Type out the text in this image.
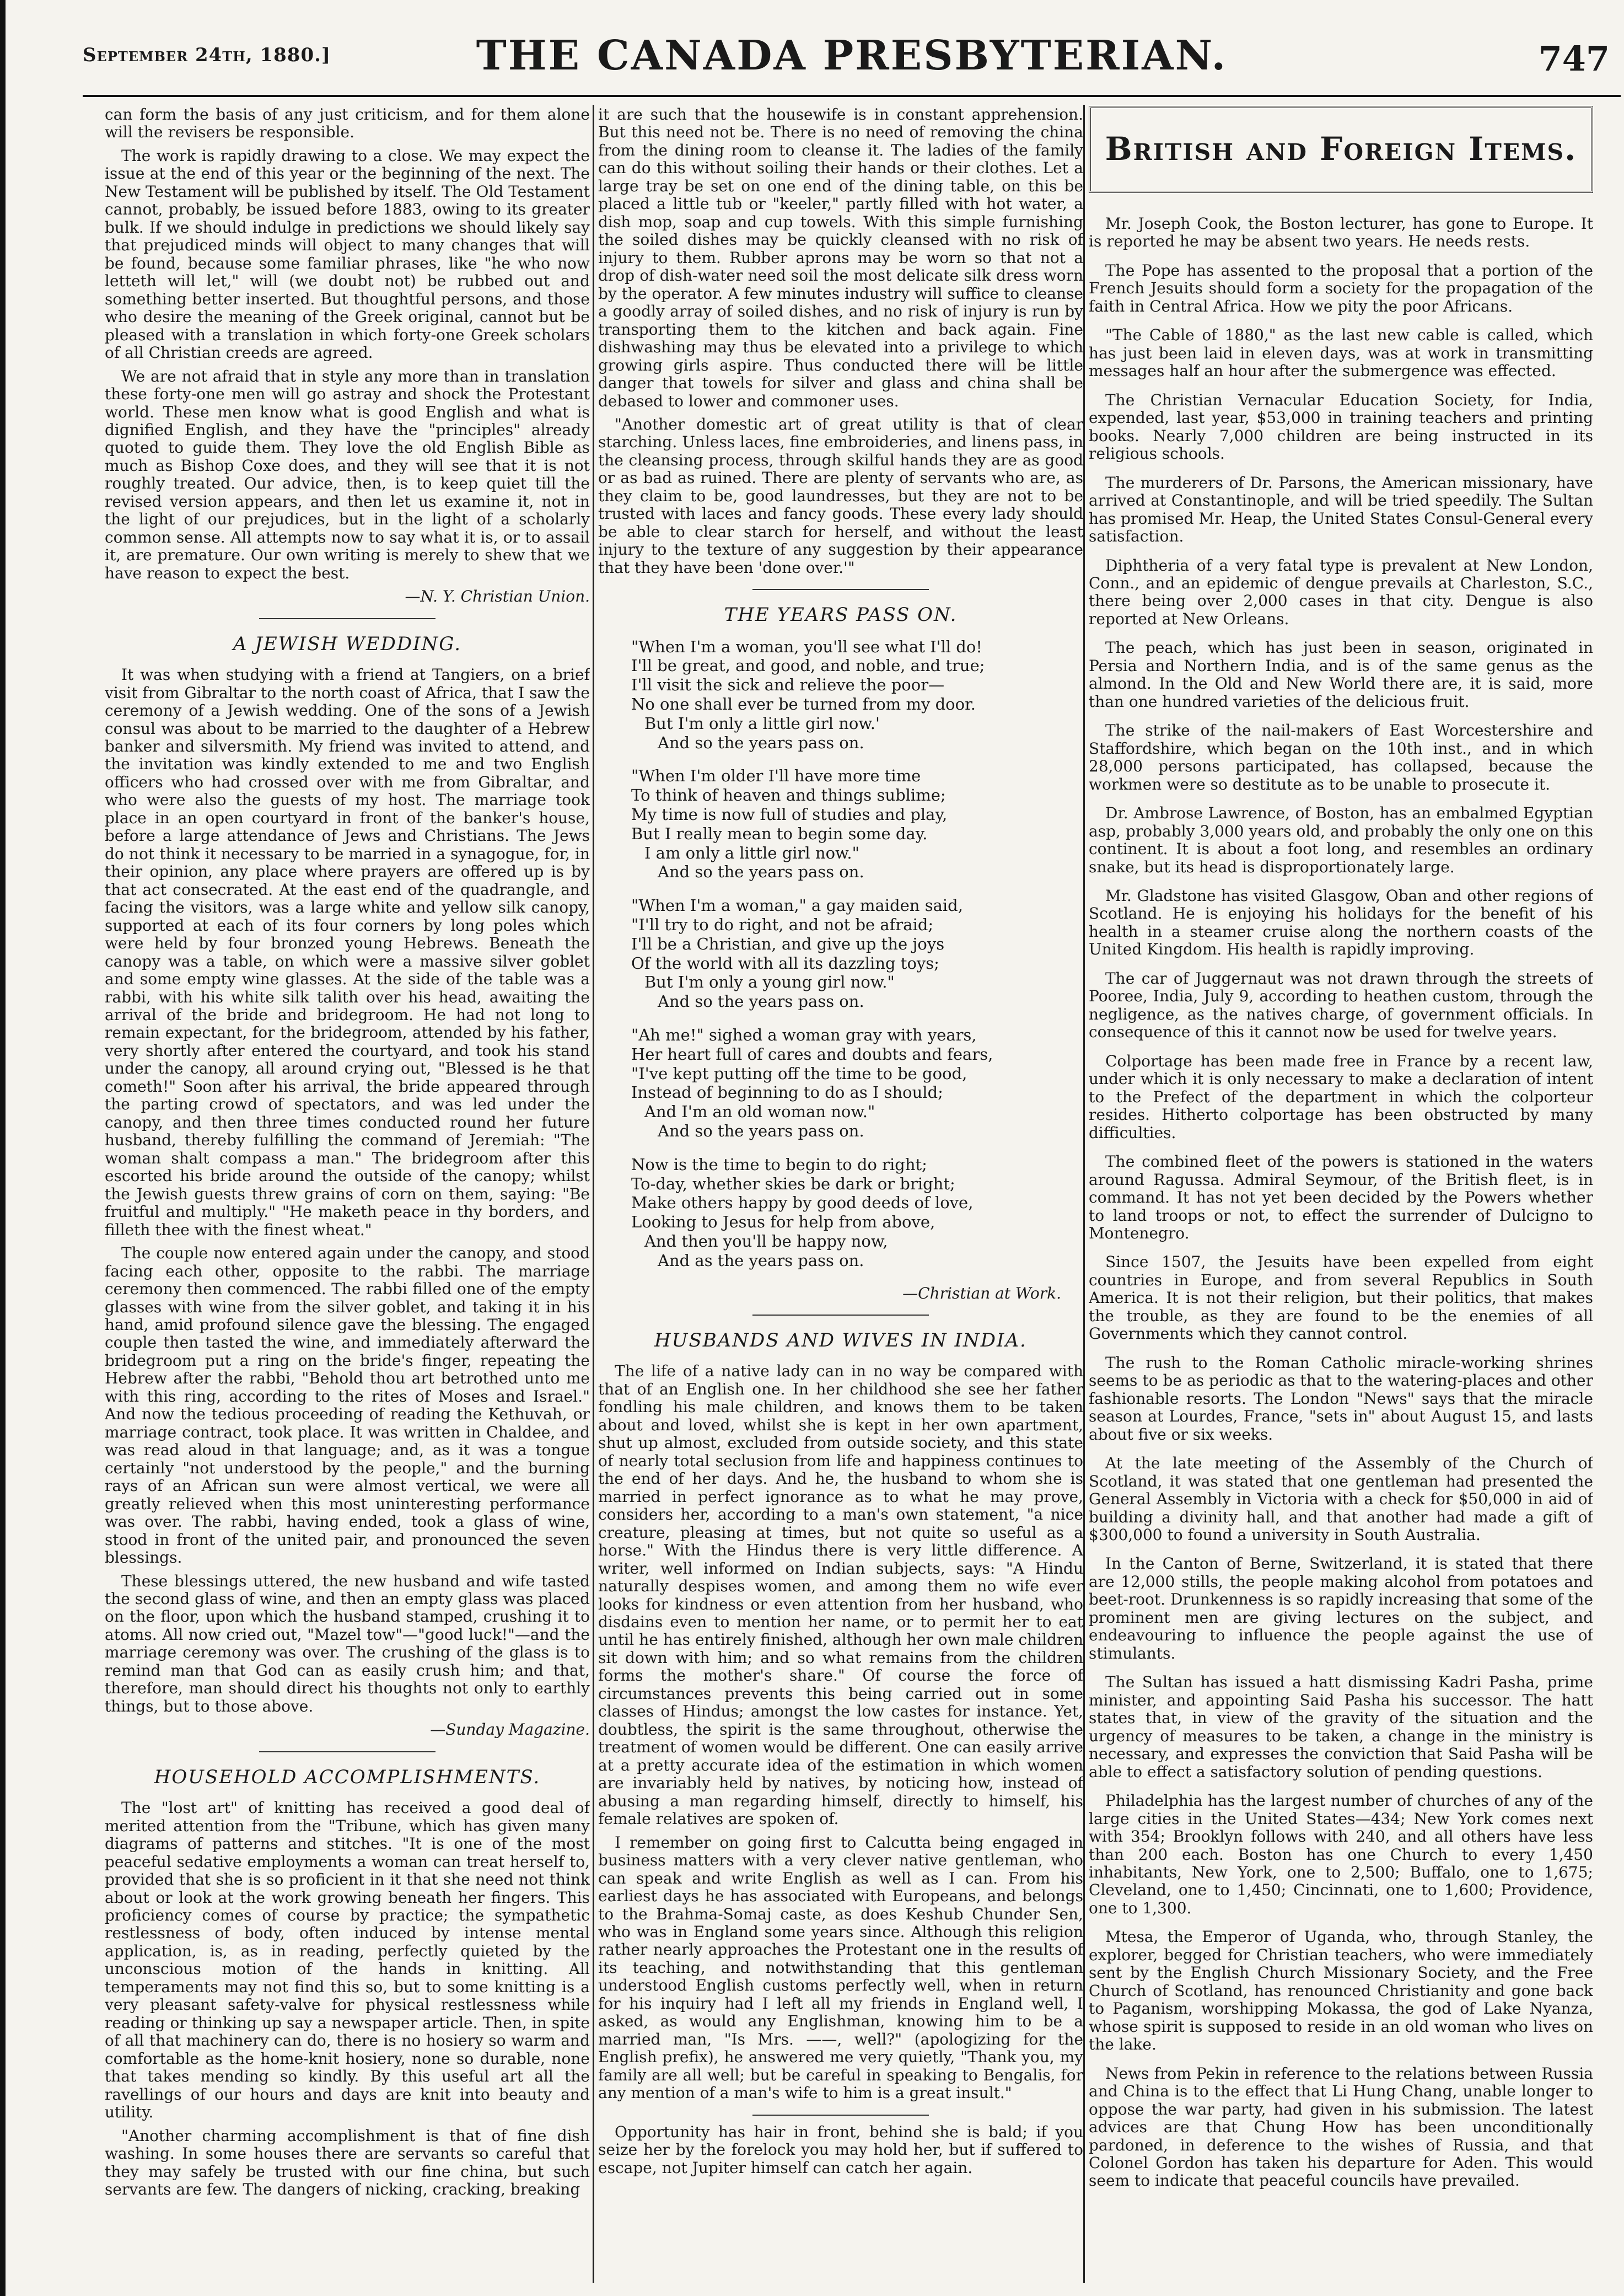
September 24th, 1880.]	THE CANADA PRESBYTERIAN.	747

can form the basis of any just criticism, and for them alone will the revisers be responsible.

The work is rapidly drawing to a close. We may expect the issue at the end of this year or the beginning of the next. The New Testament will be published by itself. The Old Testament cannot, probably, be issued before 1883, owing to its greater bulk. If we should indulge in predictions we should likely say that prejudiced minds will object to many changes that will be found, because some familiar phrases, like "he who now letteth will let," will (we doubt not) be rubbed out and something better inserted. But thoughtful persons, and those who desire the meaning of the Greek original, cannot but be pleased with a translation in which forty-one Greek scholars of all Christian creeds are agreed.

We are not afraid that in style any more than in translation these forty-one men will go astray and shock the Protestant world. These men know what is good English and what is dignified English, and they have the "principles" already quoted to guide them. They love the old English Bible as much as Bishop Coxe does, and they will see that it is not roughly treated. Our advice, then, is to keep quiet till the revised version appears, and then let us examine it, not in the light of our prejudices, but in the light of a scholarly common sense. All attempts now to say what it is, or to assail it, are premature. Our own writing is merely to shew that we have reason to expect the best.

—N. Y. Christian Union.
A JEWISH WEDDING.

It was when studying with a friend at Tangiers, on a brief visit from Gibraltar to the north coast of Africa, that I saw the ceremony of a Jewish wedding. One of the sons of a Jewish consul was about to be married to the daughter of a Hebrew banker and silversmith. My friend was invited to attend, and the invitation was kindly extended to me and two English officers who had crossed over with me from Gibraltar, and who were also the guests of my host. The marriage took place in an open courtyard in front of the banker's house, before a large attendance of Jews and Christians. The Jews do not think it necessary to be married in a synagogue, for, in their opinion, any place where prayers are offered up is by that act consecrated. At the east end of the quadrangle, and facing the visitors, was a large white and yellow silk canopy, supported at each of its four corners by long poles which were held by four bronzed young Hebrews. Beneath the canopy was a table, on which were a massive silver goblet and some empty wine glasses. At the side of the table was a rabbi, with his white silk talith over his head, awaiting the arrival of the bride and bridegroom. He had not long to remain expectant, for the bridegroom, attended by his father, very shortly after entered the courtyard, and took his stand under the canopy, all around crying out, "Blessed is he that cometh!" Soon after his arrival, the bride appeared through the parting crowd of spectators, and was led under the canopy, and then three times conducted round her future husband, thereby fulfilling the command of Jeremiah: "The woman shalt compass a man." The bridegroom after this escorted his bride around the outside of the canopy; whilst the Jewish guests threw grains of corn on them, saying: "Be fruitful and multiply." "He maketh peace in thy borders, and filleth thee with the finest wheat."

The couple now entered again under the canopy, and stood facing each other, opposite to the rabbi. The marriage ceremony then commenced. The rabbi filled one of the empty glasses with wine from the silver goblet, and taking it in his hand, amid profound silence gave the blessing. The engaged couple then tasted the wine, and immediately afterward the bridegroom put a ring on the bride's finger, repeating the Hebrew after the rabbi, "Behold thou art betrothed unto me with this ring, according to the rites of Moses and Israel." And now the tedious proceeding of reading the Kethuvah, or marriage contract, took place. It was written in Chaldee, and was read aloud in that language; and, as it was a tongue certainly "not understood by the people," and the burning rays of an African sun were almost vertical, we were all greatly relieved when this most uninteresting performance was over. The rabbi, having ended, took a glass of wine, stood in front of the united pair, and pronounced the seven blessings.

These blessings uttered, the new husband and wife tasted the second glass of wine, and then an empty glass was placed on the floor, upon which the husband stamped, crushing it to atoms. All now cried out, "Mazel tow"—"good luck!"—and the marriage ceremony was over. The crushing of the glass is to remind man that God can as easily crush him; and that, therefore, man should direct his thoughts not only to earthly things, but to those above.

—Sunday Magazine.
HOUSEHOLD ACCOMPLISHMENTS.

The "lost art" of knitting has received a good deal of merited attention from the "Tribune, which has given many diagrams of patterns and stitches. "It is one of the most peaceful sedative employments a woman can treat herself to, provided that she is so proficient in it that she need not think about or look at the work growing beneath her fingers. This proficiency comes of course by practice; the sympathetic restlessness of body, often induced by intense mental application, is, as in reading, perfectly quieted by the unconscious motion of the hands in knitting. All temperaments may not find this so, but to some knitting is a very pleasant safety-valve for physical restlessness while reading or thinking up say a newspaper article. Then, in spite of all that machinery can do, there is no hosiery so warm and comfortable as the home-knit hosiery, none so durable, none that takes mending so kindly. By this useful art all the ravellings of our hours and days are knit into beauty and utility.

"Another charming accomplishment is that of fine dish washing. In some houses there are servants so careful that they may safely be trusted with our fine china, but such servants are few. The dangers of nicking, cracking, breaking

it are such that the housewife is in constant apprehension. But this need not be. There is no need of removing the china from the dining room to cleanse it. The ladies of the family can do this without soiling their hands or their clothes. Let a large tray be set on one end of the dining table, on this be placed a little tub or "keeler," partly filled with hot water, a dish mop, soap and cup towels. With this simple furnishing the soiled dishes may be quickly cleansed with no risk of injury to them. Rubber aprons may be worn so that not a drop of dish-water need soil the most delicate silk dress worn by the operator. A few minutes industry will suffice to cleanse a goodly array of soiled dishes, and no risk of injury is run by transporting them to the kitchen and back again. Fine dishwashing may thus be elevated into a privilege to which growing girls aspire. Thus conducted there will be little danger that towels for silver and glass and china shall be debased to lower and commoner uses.

"Another domestic art of great utility is that of clear starching. Unless laces, fine embroideries, and linens pass, in the cleansing process, through skilful hands they are as good or as bad as ruined. There are plenty of servants who are, as they claim to be, good laundresses, but they are not to be trusted with laces and fancy goods. These every lady should be able to clear starch for herself, and without the least injury to the texture of any suggestion by their appearance that they have been 'done over.'"

THE YEARS PASS ON.
"When I'm a woman, you'll see what I'll do!
I'll be great, and good, and noble, and true;
I'll visit the sick and relieve the poor—
No one shall ever be turned from my door.
But I'm only a little girl now.'
And so the years pass on.
"When I'm older I'll have more time
To think of heaven and things sublime;
My time is now full of studies and play,
But I really mean to begin some day.
I am only a little girl now."
And so the years pass on.
"When I'm a woman," a gay maiden said,
"I'll try to do right, and not be afraid;
I'll be a Christian, and give up the joys
Of the world with all its dazzling toys;
But I'm only a young girl now."
And so the years pass on.
"Ah me!" sighed a woman gray with years,
Her heart full of cares and doubts and fears,
"I've kept putting off the time to be good,
Instead of beginning to do as I should;
And I'm an old woman now."
And so the years pass on.
Now is the time to begin to do right;
To-day, whether skies be dark or bright;
Make others happy by good deeds of love,
Looking to Jesus for help from above,
And then you'll be happy now,
And as the years pass on.
—Christian at Work.
HUSBANDS AND WIVES IN INDIA.

The life of a native lady can in no way be compared with that of an English one. In her childhood she see her father fondling his male children, and knows them to be taken about and loved, whilst she is kept in her own apartment, shut up almost, excluded from outside society, and this state of nearly total seclusion from life and happiness continues to the end of her days. And he, the husband to whom she is married in perfect ignorance as to what he may prove, considers her, according to a man's own statement, "a nice creature, pleasing at times, but not quite so useful as a horse." With the Hindus there is very little difference. A writer, well informed on Indian subjects, says: "A Hindu naturally despises women, and among them no wife ever looks for kindness or even attention from her husband, who disdains even to mention her name, or to permit her to eat until he has entirely finished, although her own male children sit down with him; and so what remains from the children forms the mother's share." Of course the force of circumstances prevents this being carried out in some classes of Hindus; amongst the low castes for instance. Yet, doubtless, the spirit is the same throughout, otherwise the treatment of women would be different. One can easily arrive at a pretty accurate idea of the estimation in which women are invariably held by natives, by noticing how, instead of abusing a man regarding himself, directly to himself, his female relatives are spoken of.

I remember on going first to Calcutta being engaged in business matters with a very clever native gentleman, who can speak and write English as well as I can. From his earliest days he has associated with Europeans, and belongs to the Brahma-Somaj caste, as does Keshub Chunder Sen, who was in England some years since. Although this religion rather nearly approaches the Protestant one in the results of its teaching, and notwithstanding that this gentleman understood English customs perfectly well, when in return for his inquiry had I left all my friends in England well, I asked, as would any Englishman, knowing him to be a married man, "Is Mrs. ——, well?" (apologizing for the English prefix), he answered me very quietly, "Thank you, my family are all well; but be careful in speaking to Bengalis, for any mention of a man's wife to him is a great insult."

Opportunity has hair in front, behind she is bald; if you seize her by the forelock you may hold her, but if suffered to escape, not Jupiter himself can catch her again.

British and Foreign Items.

Mr. Joseph Cook, the Boston lecturer, has gone to Europe. It is reported he may be absent two years. He needs rests.

The Pope has assented to the proposal that a portion of the French Jesuits should form a society for the propagation of the faith in Central Africa. How we pity the poor Africans.

"The Cable of 1880," as the last new cable is called, which has just been laid in eleven days, was at work in transmitting messages half an hour after the submergence was effected.

The Christian Vernacular Education Society, for India, expended, last year, $53,000 in training teachers and printing books. Nearly 7,000 children are being instructed in its religious schools.

The murderers of Dr. Parsons, the American missionary, have arrived at Constantinople, and will be tried speedily. The Sultan has promised Mr. Heap, the United States Consul-General every satisfaction.

Diphtheria of a very fatal type is prevalent at New London, Conn., and an epidemic of dengue prevails at Charleston, S.C., there being over 2,000 cases in that city. Dengue is also reported at New Orleans.

The peach, which has just been in season, originated in Persia and Northern India, and is of the same genus as the almond. In the Old and New World there are, it is said, more than one hundred varieties of the delicious fruit.

The strike of the nail-makers of East Worcestershire and Staffordshire, which began on the 10th inst., and in which 28,000 persons participated, has collapsed, because the workmen were so destitute as to be unable to prosecute it.

Dr. Ambrose Lawrence, of Boston, has an embalmed Egyptian asp, probably 3,000 years old, and probably the only one on this continent. It is about a foot long, and resembles an ordinary snake, but its head is disproportionately large.

Mr. Gladstone has visited Glasgow, Oban and other regions of Scotland. He is enjoying his holidays for the benefit of his health in a steamer cruise along the northern coasts of the United Kingdom. His health is rapidly improving.

The car of Juggernaut was not drawn through the streets of Pooree, India, July 9, according to heathen custom, through the negligence, as the natives charge, of government officials. In consequence of this it cannot now be used for twelve years.

Colportage has been made free in France by a recent law, under which it is only necessary to make a declaration of intent to the Prefect of the department in which the colporteur resides. Hitherto colportage has been obstructed by many difficulties.

The combined fleet of the powers is stationed in the waters around Ragussa. Admiral Seymour, of the British fleet, is in command. It has not yet been decided by the Powers whether to land troops or not, to effect the surrender of Dulcigno to Montenegro.

Since 1507, the Jesuits have been expelled from eight countries in Europe, and from several Republics in South America. It is not their religion, but their politics, that makes the trouble, as they are found to be the enemies of all Governments which they cannot control.

The rush to the Roman Catholic miracle-working shrines seems to be as periodic as that to the watering-places and other fashionable resorts. The London "News" says that the miracle season at Lourdes, France, "sets in" about August 15, and lasts about five or six weeks.

At the late meeting of the Assembly of the Church of Scotland, it was stated that one gentleman had presented the General Assembly in Victoria with a check for $50,000 in aid of building a divinity hall, and that another had made a gift of $300,000 to found a university in South Australia.

In the Canton of Berne, Switzerland, it is stated that there are 12,000 stills, the people making alcohol from potatoes and beet-root. Drunkenness is so rapidly increasing that some of the prominent men are giving lectures on the subject, and endeavouring to influence the people against the use of stimulants.

The Sultan has issued a hatt dismissing Kadri Pasha, prime minister, and appointing Said Pasha his successor. The hatt states that, in view of the gravity of the situation and the urgency of measures to be taken, a change in the ministry is necessary, and expresses the conviction that Said Pasha will be able to effect a satisfactory solution of pending questions.

Philadelphia has the largest number of churches of any of the large cities in the United States—434; New York comes next with 354; Brooklyn follows with 240, and all others have less than 200 each. Boston has one Church to every 1,450 inhabitants, New York, one to 2,500; Buffalo, one to 1,675; Cleveland, one to 1,450; Cincinnati, one to 1,600; Providence, one to 1,300.

Mtesa, the Emperor of Uganda, who, through Stanley, the explorer, begged for Christian teachers, who were immediately sent by the English Church Missionary Society, and the Free Church of Scotland, has renounced Christianity and gone back to Paganism, worshipping Mokassa, the god of Lake Nyanza, whose spirit is supposed to reside in an old woman who lives on the lake.

News from Pekin in reference to the relations between Russia and China is to the effect that Li Hung Chang, unable longer to oppose the war party, had given in his submission. The latest advices are that Chung How has been unconditionally pardoned, in deference to the wishes of Russia, and that Colonel Gordon has taken his departure for Aden. This would seem to indicate that peaceful councils have prevailed.
